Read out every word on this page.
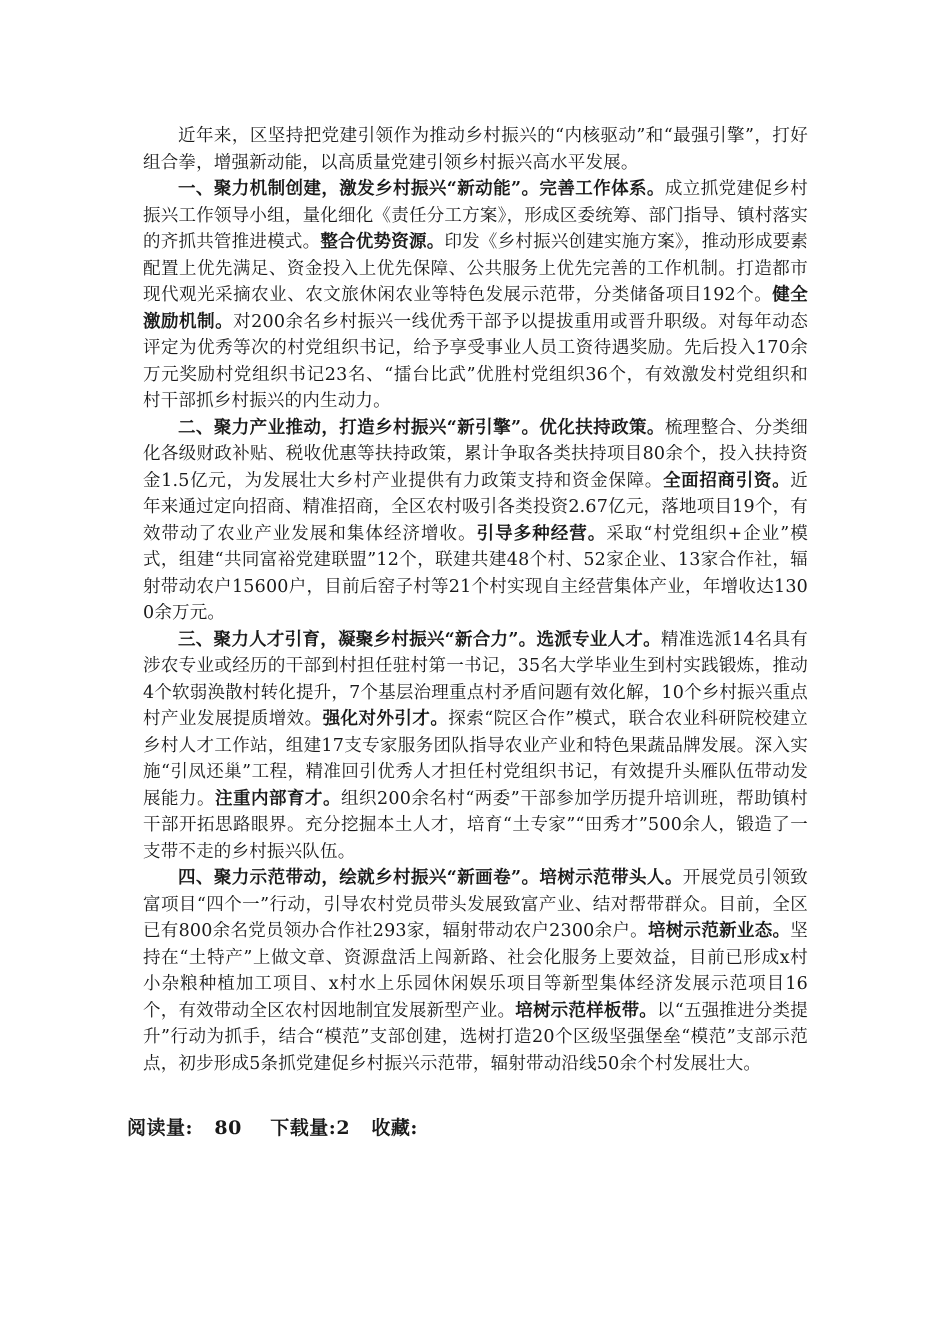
近年来，区坚持把党建引领作为推动乡村振兴的“内核驱动”和“最强引擎”，打好组合拳，增强新动能，以高质量党建引领乡村振兴高水平发展。

一、聚力机制创建，激发乡村振兴“新动能”。完善工作体系。成立抓党建促乡村振兴工作领导小组，量化细化《责任分工方案》，形成区委统筹、部门指导、镇村落实的齐抓共管推进模式。整合优势资源。印发《乡村振兴创建实施方案》，推动形成要素配置上优先满足、资金投入上优先保障、公共服务上优先完善的工作机制。打造都市现代观光采摘农业、农文旅休闲农业等特色发展示范带，分类储备项目192个。健全激励机制。对200余名乡村振兴一线优秀干部予以提拔重用或晋升职级。对每年动态评定为优秀等次的村党组织书记，给予享受事业人员工资待遇奖励。先后投入170余万元奖励村党组织书记23名、“擂台比武”优胜村党组织36个，有效激发村党组织和村干部抓乡村振兴的内生动力。

二、聚力产业推动，打造乡村振兴“新引擎”。优化扶持政策。梳理整合、分类细化各级财政补贴、税收优惠等扶持政策，累计争取各类扶持项目80余个，投入扶持资金1.5亿元，为发展壮大乡村产业提供有力政策支持和资金保障。全面招商引资。近年来通过定向招商、精准招商，全区农村吸引各类投资2.67亿元，落地项目19个，有效带动了农业产业发展和集体经济增收。引导多种经营。采取“村党组织+企业”模式，组建“共同富裕党建联盟”12个，联建共建48个村、52家企业、13家合作社，辐射带动农户15600户，目前后窑子村等21个村实现自主经营集体产业，年增收达1300余万元。

三、聚力人才引育，凝聚乡村振兴“新合力”。选派专业人才。精准选派14名具有涉农专业或经历的干部到村担任驻村第一书记，35名大学毕业生到村实践锻炼，推动4个软弱涣散村转化提升，7个基层治理重点村矛盾问题有效化解，10个乡村振兴重点村产业发展提质增效。强化对外引才。探索“院区合作”模式，联合农业科研院校建立乡村人才工作站，组建17支专家服务团队指导农业产业和特色果蔬品牌发展。深入实施“引凤还巢”工程，精准回引优秀人才担任村党组织书记，有效提升头雁队伍带动发展能力。注重内部育才。组织200余名村“两委”干部参加学历提升培训班，帮助镇村干部开拓思路眼界。充分挖掘本土人才，培育“土专家”“田秀才”500余人，锻造了一支带不走的乡村振兴队伍。

四、聚力示范带动，绘就乡村振兴“新画卷”。培树示范带头人。开展党员引领致富项目“四个一”行动，引导农村党员带头发展致富产业、结对帮带群众。目前，全区已有800余名党员领办合作社293家，辐射带动农户2300余户。培树示范新业态。坚持在“土特产”上做文章、资源盘活上闯新路、社会化服务上要效益，目前已形成x村小杂粮种植加工项目、x村水上乐园休闲娱乐项目等新型集体经济发展示范项目16个，有效带动全区农村因地制宜发展新型产业。培树示范样板带。以“五强推进分类提升”行动为抓手，结合“模范”支部创建，选树打造20个区级坚强堡垒“模范”支部示范点，初步形成5条抓党建促乡村振兴示范带，辐射带动沿线50余个村发展壮大。

阅读量: 80 下载量:2 收藏:
